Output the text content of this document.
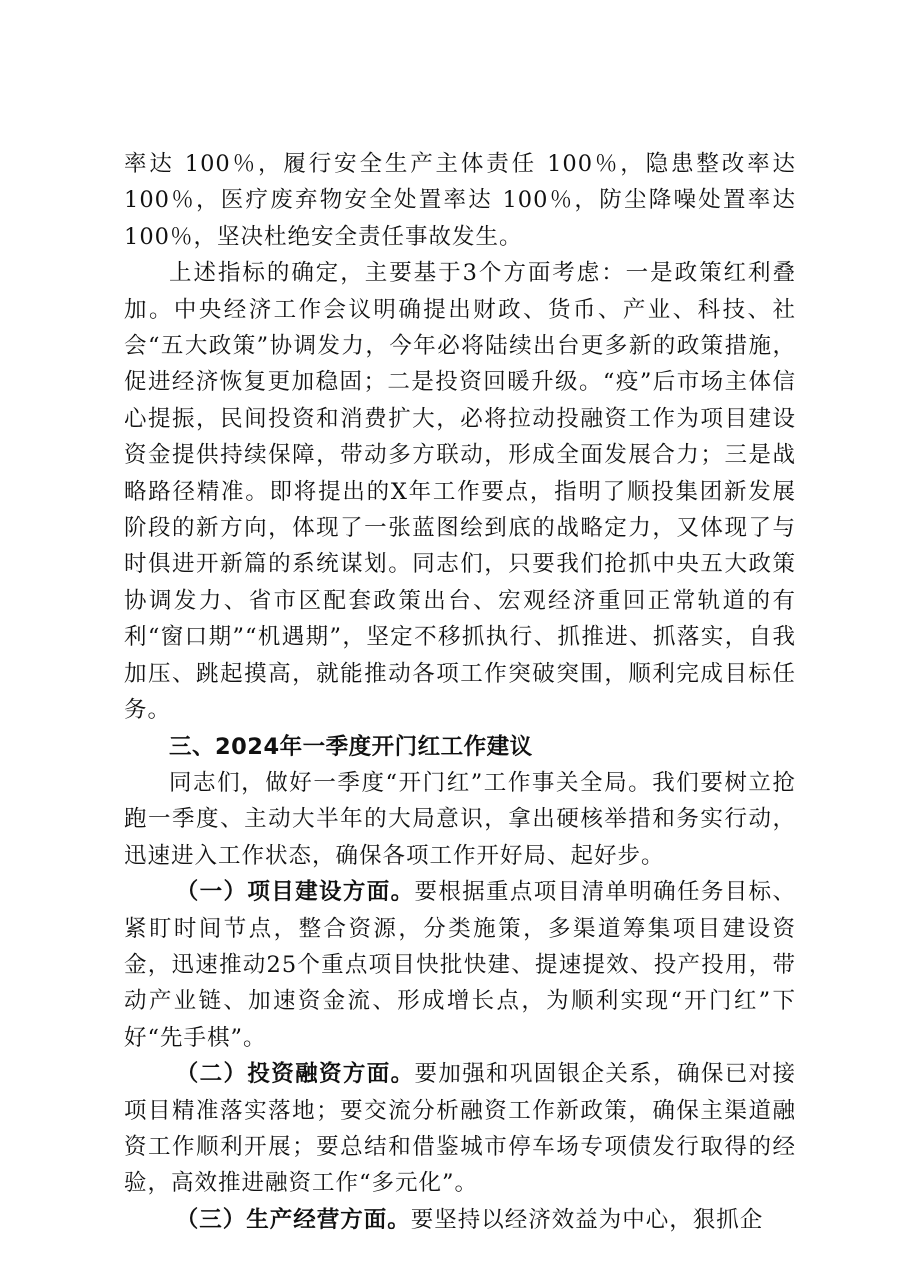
率达 100％，履行安全生产主体责任 100％，隐患整改率达100％，医疗废弃物安全处置率达 100％，防尘降噪处置率达100％，坚决杜绝安全责任事故发生。

上述指标的确定，主要基于3个方面考虑：一是政策红利叠加。中央经济工作会议明确提出财政、货币、产业、科技、社会“五大政策”协调发力，今年必将陆续出台更多新的政策措施，促进经济恢复更加稳固；二是投资回暖升级。“疫”后市场主体信心提振，民间投资和消费扩大，必将拉动投融资工作为项目建设资金提供持续保障，带动多方联动，形成全面发展合力；三是战略路径精准。即将提出的X年工作要点，指明了顺投集团新发展阶段的新方向，体现了一张蓝图绘到底的战略定力，又体现了与时俱进开新篇的系统谋划。同志们，只要我们抢抓中央五大政策协调发力、省市区配套政策出台、宏观经济重回正常轨道的有利“窗口期”“机遇期”，坚定不移抓执行、抓推进、抓落实，自我加压、跳起摸高，就能推动各项工作突破突围，顺利完成目标任务。

三、2024年一季度开门红工作建议

同志们，做好一季度“开门红”工作事关全局。我们要树立抢跑一季度、主动大半年的大局意识，拿出硬核举措和务实行动，迅速进入工作状态，确保各项工作开好局、起好步。

（一）项目建设方面。要根据重点项目清单明确任务目标、紧盯时间节点，整合资源，分类施策，多渠道筹集项目建设资金，迅速推动25个重点项目快批快建、提速提效、投产投用，带动产业链、加速资金流、形成增长点，为顺利实现“开门红”下好“先手棋”。

（二）投资融资方面。要加强和巩固银企关系，确保已对接项目精准落实落地；要交流分析融资工作新政策，确保主渠道融资工作顺利开展；要总结和借鉴城市停车场专项债发行取得的经验，高效推进融资工作“多元化”。

（三）生产经营方面。要坚持以经济效益为中心，狠抓企
